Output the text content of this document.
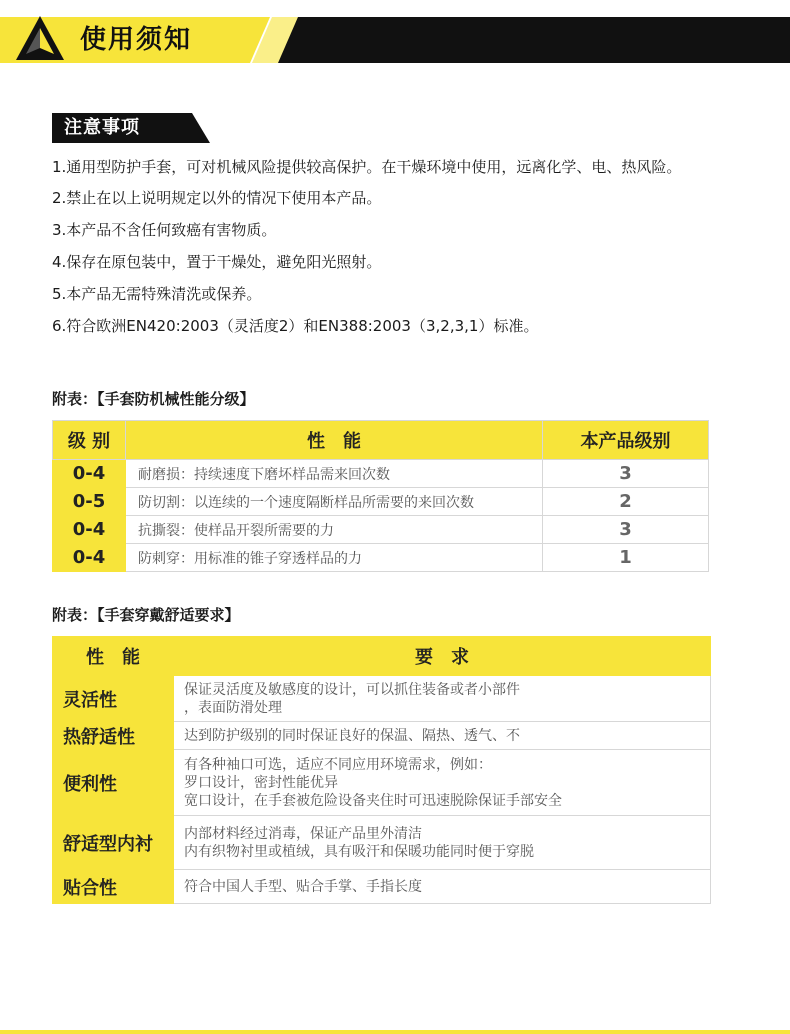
使用须知
注意事项

1.通用型防护手套，可对机械风险提供较高保护。在干燥环境中使用，远离化学、电、热风险。

2.禁止在以上说明规定以外的情况下使用本产品。

3.本产品不含任何致癌有害物质。

4.保存在原包装中，置于干燥处，避免阳光照射。

5.本产品无需特殊清洗或保养。

6.符合欧洲EN420:2003（灵活度2）和EN388:2003（3,2,3,1）标准。

附表：【手套防机械性能分级】
级 别	性　能	本产品级别
0-4	耐磨损：持续速度下磨坏样品需来回次数	3
0-5	防切割：以连续的一个速度隔断样品所需要的来回次数	2
0-4	抗撕裂：使样品开裂所需要的力	3
0-4	防刺穿：用标准的锥子穿透样品的力	1
附表：【手套穿戴舒适要求】
性　能	要　求
灵活性	保证灵活度及敏感度的设计，可以抓住装备或者小部件
，表面防滑处理

热舒适性	达到防护级别的同时保证良好的保温、隔热、透气、不

便利性	有各种袖口可选，适应不同应用环境需求，例如：
罗口设计，密封性能优异
宽口设计，在手套被危险设备夹住时可迅速脱除保证手部安全

舒适型内衬	内部材料经过消毒，保证产品里外清洁
内有织物衬里或植绒，具有吸汗和保暖功能同时便于穿脱

贴合性	符合中国人手型、贴合手掌、手指长度
